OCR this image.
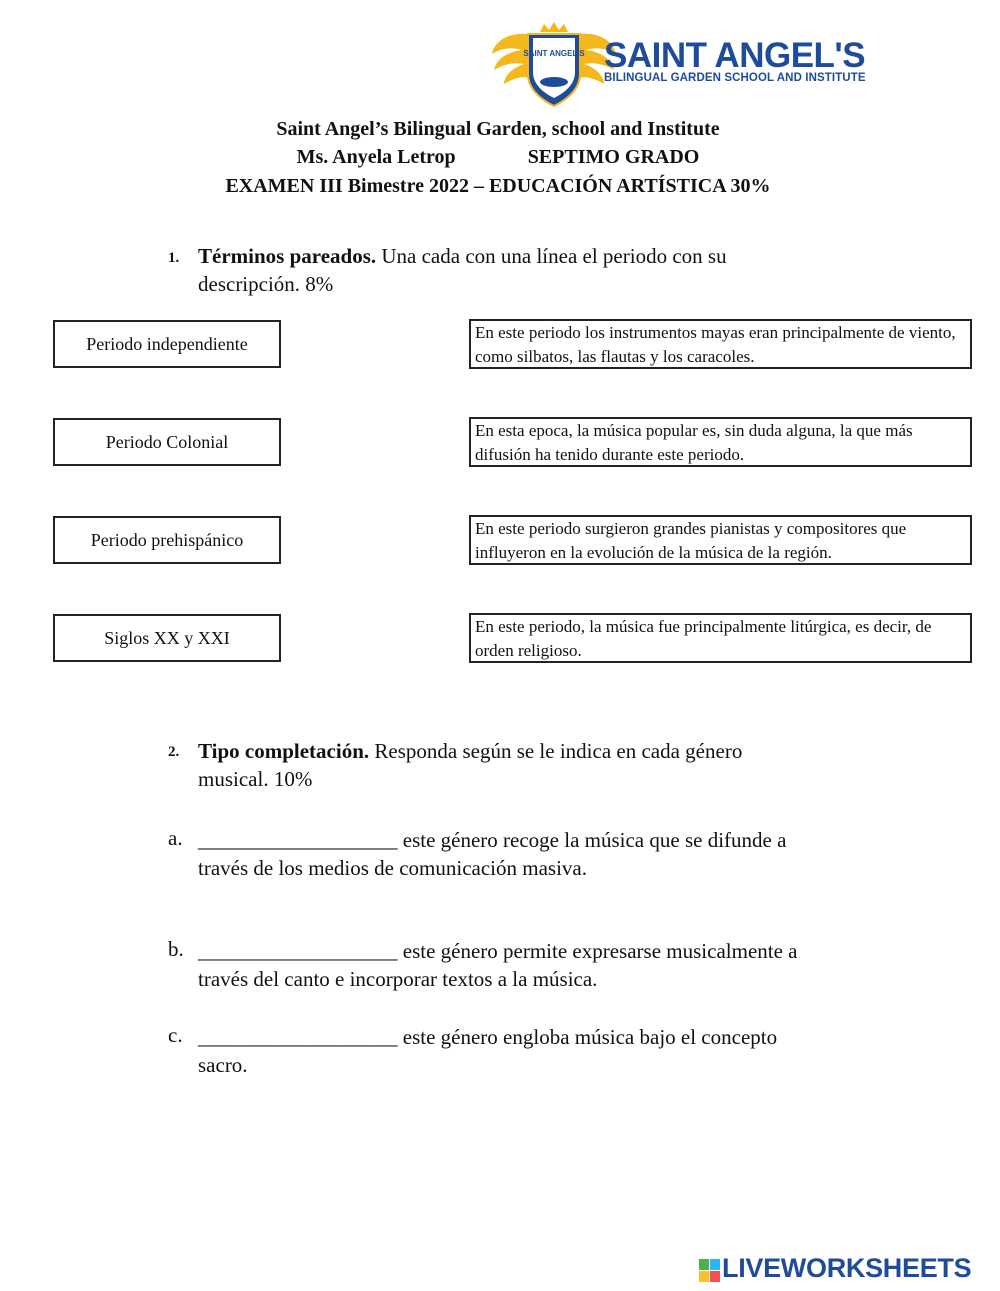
SAINT ANGEL'S SAINT ANGEL'S
BILINGUAL GARDEN SCHOOL AND INSTITUTE
Saint Angel’s Bilingual Garden, school and Institute
Ms. Anyela Letrop	SEPTIMO GRADO
EXAMEN III Bimestre 2022 – EDUCACIÓN ARTÍSTICA 30%
1. Términos pareados. Una cada con una línea el periodo con su
descripción. 8%
Periodo independiente
Periodo Colonial
Periodo prehispánico
Siglos XX y XXI
En este periodo los instrumentos mayas eran principalmente de viento, como silbatos, las flautas y los caracoles.
En esta epoca, la música popular es, sin duda alguna, la que más difusión ha tenido durante este periodo.
En este periodo surgieron grandes pianistas y compositores que influyeron en la evolución de la música de la región.
En este periodo, la música fue principalmente litúrgica, es decir, de orden religioso.
2. Tipo completación. Responda según se le indica en cada género
musical. 10%
a. ___________________ este género recoge la música que se difunde a
través de los medios de comunicación masiva.
b. ___________________ este género permite expresarse musicalmente a
través del canto e incorporar textos a la música.
c. ___________________ este género engloba música bajo el concepto
sacro.
LIVEWORKSHEETS
